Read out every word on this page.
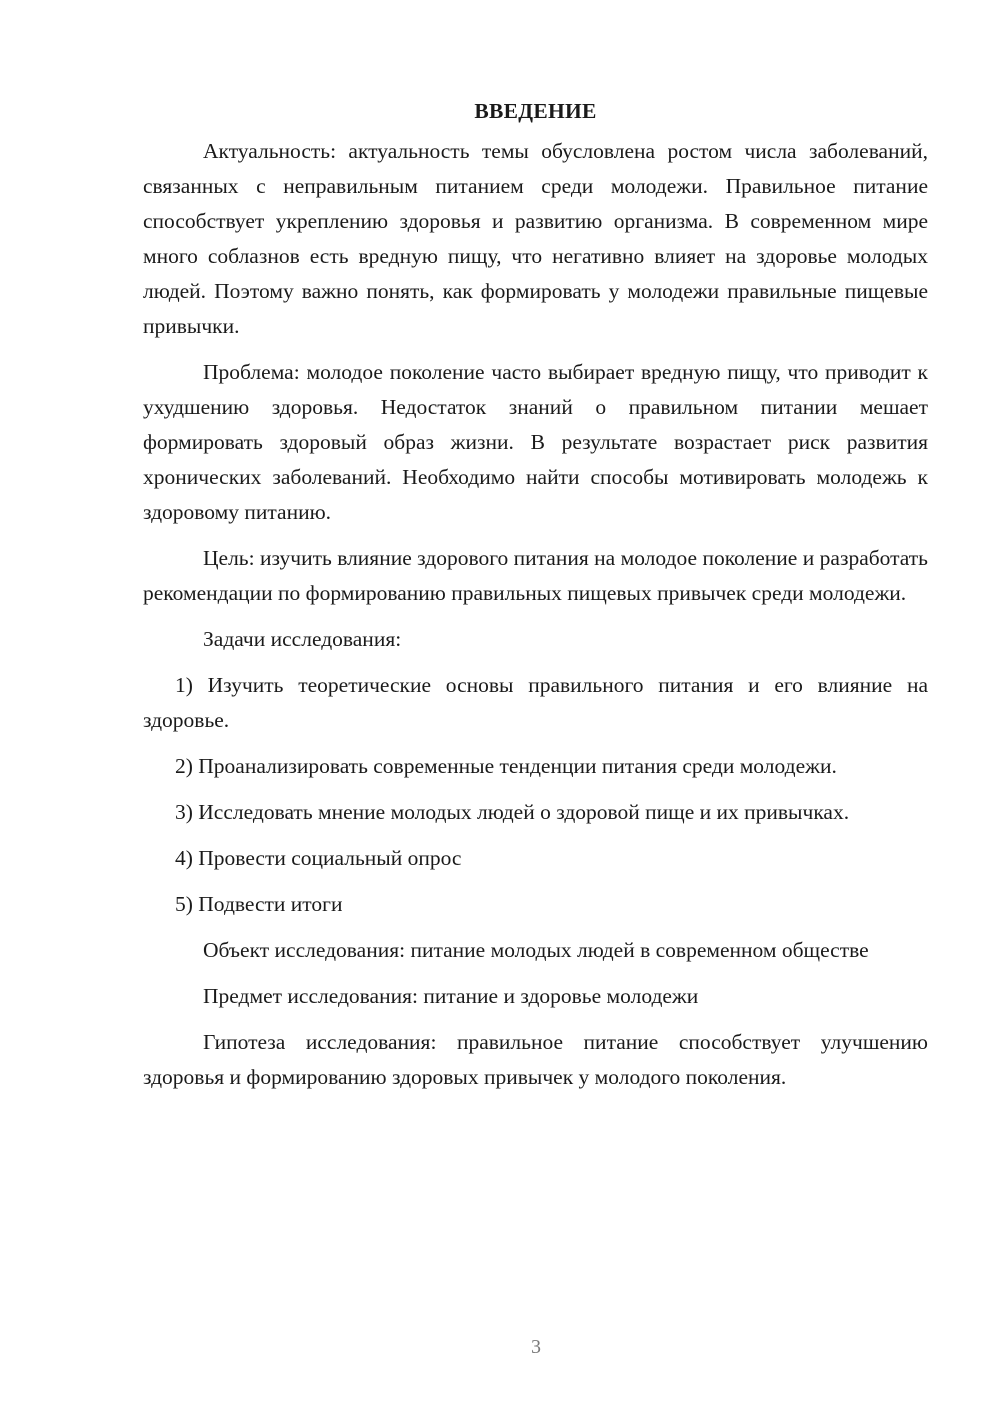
ВВЕДЕНИЕ

Актуальность: актуальность темы обусловлена ростом числа заболеваний, связанных с неправильным питанием среди молодежи. Правильное питание способствует укреплению здоровья и развитию организма. В современном мире много соблазнов есть вредную пищу, что негативно влияет на здоровье молодых людей. Поэтому важно понять, как формировать у молодежи правильные пищевые привычки.

Проблема: молодое поколение часто выбирает вредную пищу, что приводит к ухудшению здоровья. Недостаток знаний о правильном питании мешает формировать здоровый образ жизни. В результате возрастает риск развития хронических заболеваний. Необходимо найти способы мотивировать молодежь к здоровому питанию.

Цель: изучить влияние здорового питания на молодое поколение и разработать рекомендации по формированию правильных пищевых привычек среди молодежи.

Задачи исследования:

1) Изучить теоретические основы правильного питания и его влияние на здоровье.

2) Проанализировать современные тенденции питания среди молодежи.

3) Исследовать мнение молодых людей о здоровой пище и их привычках.

4) Провести социальный опрос

5) Подвести итоги

Объект исследования: питание молодых людей в современном обществе

Предмет исследования: питание и здоровье молодежи

Гипотеза исследования: правильное питание способствует улучшению здоровья и формированию здоровых привычек у молодого поколения.

3
